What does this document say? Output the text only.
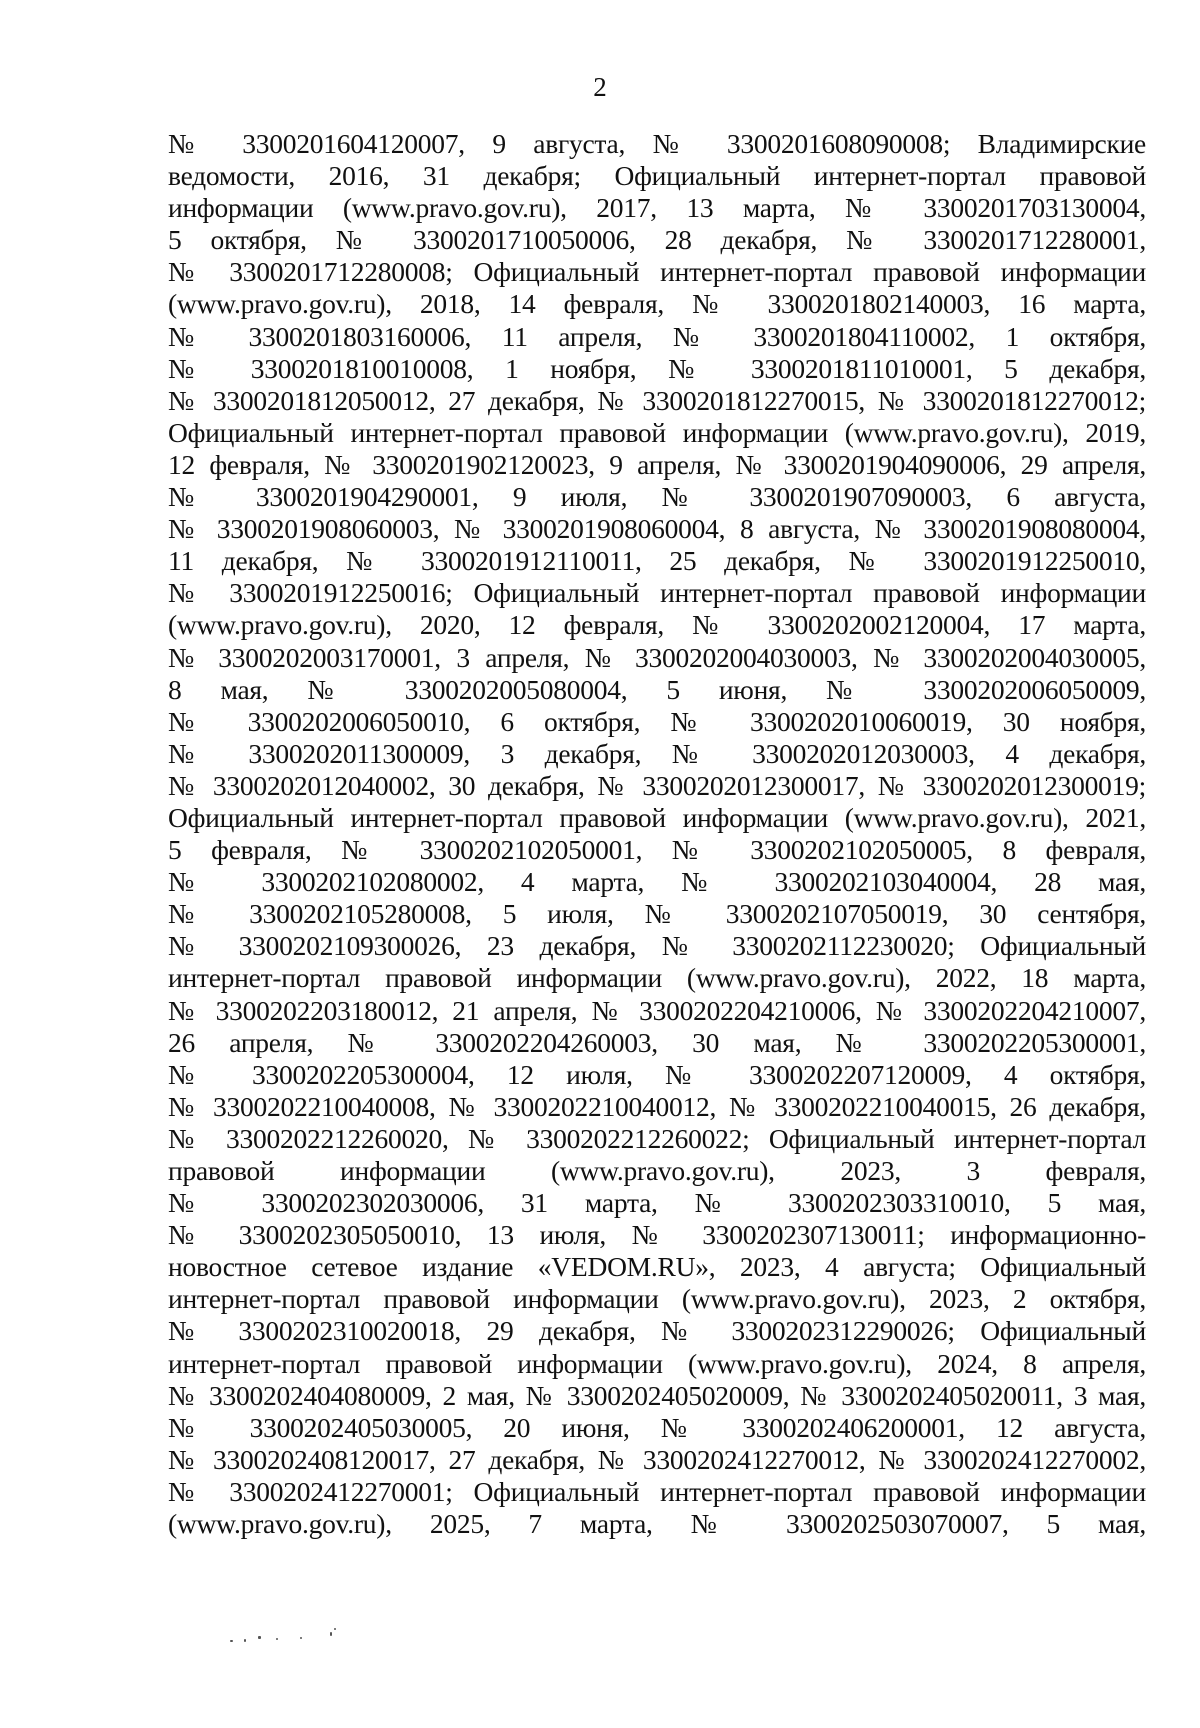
2
№ 3300201604120007, 9 августа, № 3300201608090008; Владимирские
ведомости, 2016, 31 декабря; Официальный интернет-портал правовой
информации (www.pravo.gov.ru), 2017, 13 марта, № 3300201703130004,
5 октября, № 3300201710050006, 28 декабря, № 3300201712280001,
№ 3300201712280008; Официальный интернет-портал правовой информации
(www.pravo.gov.ru), 2018, 14 февраля, № 3300201802140003, 16 марта,
№ 3300201803160006, 11 апреля, № 3300201804110002, 1 октября,
№ 3300201810010008, 1 ноября, № 3300201811010001, 5 декабря,
№ 3300201812050012, 27 декабря, № 3300201812270015, № 3300201812270012;
Официальный интернет-портал правовой информации (www.pravo.gov.ru), 2019,
12 февраля, № 3300201902120023, 9 апреля, № 3300201904090006, 29 апреля,
№ 3300201904290001, 9 июля, № 3300201907090003, 6 августа,
№ 3300201908060003, № 3300201908060004, 8 августа, № 3300201908080004,
11 декабря, № 3300201912110011, 25 декабря, № 3300201912250010,
№ 3300201912250016; Официальный интернет-портал правовой информации
(www.pravo.gov.ru), 2020, 12 февраля, № 3300202002120004, 17 марта,
№ 3300202003170001, 3 апреля, № 3300202004030003, № 3300202004030005,
8 мая, № 3300202005080004, 5 июня, № 3300202006050009,
№ 3300202006050010, 6 октября, № 3300202010060019, 30 ноября,
№ 3300202011300009, 3 декабря, № 3300202012030003, 4 декабря,
№ 3300202012040002, 30 декабря, № 3300202012300017, № 3300202012300019;
Официальный интернет-портал правовой информации (www.pravo.gov.ru), 2021,
5 февраля, № 3300202102050001, № 3300202102050005, 8 февраля,
№ 3300202102080002, 4 марта, № 3300202103040004, 28 мая,
№ 3300202105280008, 5 июля, № 3300202107050019, 30 сентября,
№ 3300202109300026, 23 декабря, № 3300202112230020; Официальный
интернет-портал правовой информации (www.pravo.gov.ru), 2022, 18 марта,
№ 3300202203180012, 21 апреля, № 3300202204210006, № 3300202204210007,
26 апреля, № 3300202204260003, 30 мая, № 3300202205300001,
№ 3300202205300004, 12 июля, № 3300202207120009, 4 октября,
№ 3300202210040008, № 3300202210040012, № 3300202210040015, 26 декабря,
№ 3300202212260020, № 3300202212260022; Официальный интернет-портал
правовой информации (www.pravo.gov.ru), 2023, 3 февраля,
№ 3300202302030006, 31 марта, № 3300202303310010, 5 мая,
№ 3300202305050010, 13 июля, № 3300202307130011; информационно-
новостное сетевое издание «VEDOM.RU», 2023, 4 августа; Официальный
интернет-портал правовой информации (www.pravo.gov.ru), 2023, 2 октября,
№ 3300202310020018, 29 декабря, № 3300202312290026; Официальный
интернет-портал правовой информации (www.pravo.gov.ru), 2024, 8 апреля,
№ 3300202404080009, 2 мая, № 3300202405020009, № 3300202405020011, 3 мая,
№ 3300202405030005, 20 июня, № 3300202406200001, 12 августа,
№ 3300202408120017, 27 декабря, № 3300202412270012, № 3300202412270002,
№ 3300202412270001; Официальный интернет-портал правовой информации
(www.pravo.gov.ru), 2025, 7 марта, № 3300202503070007, 5 мая,
